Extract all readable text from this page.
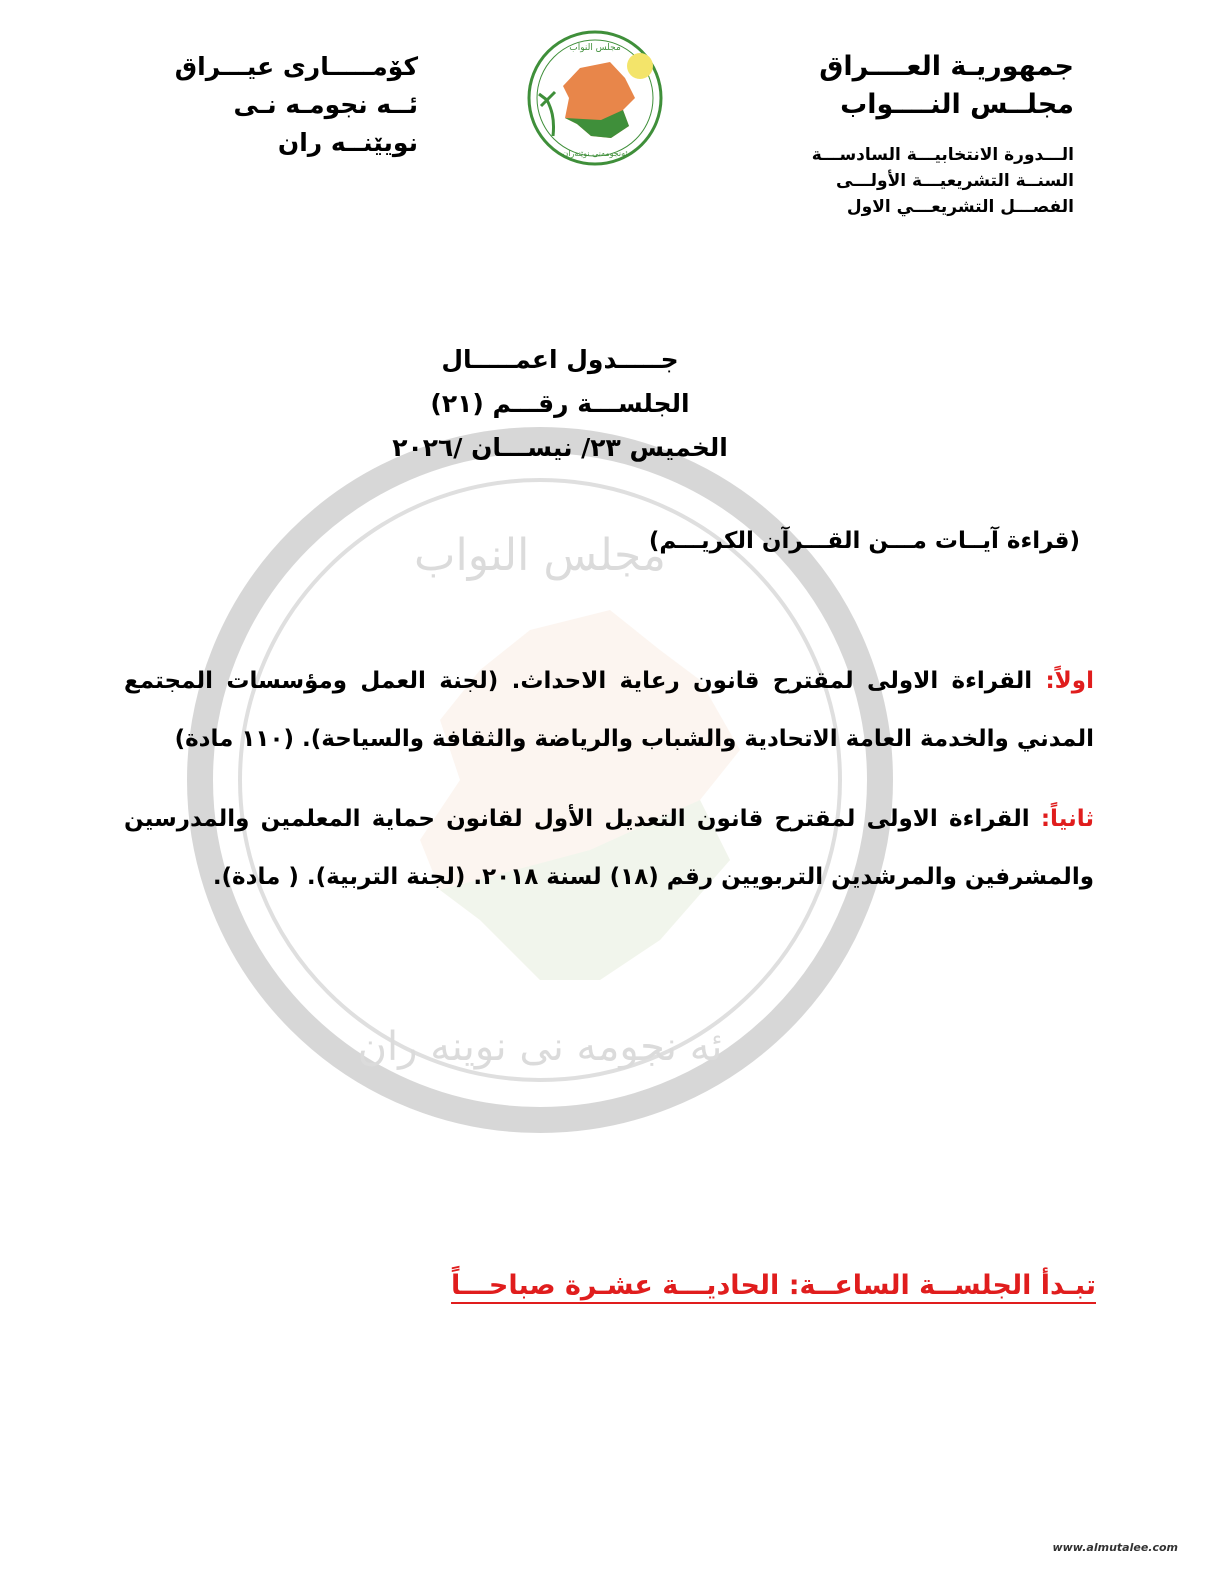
مجلس النواب
ئه نجومه نی نوینه ران
جمهوريـة العــــراق
مجلــس النــــواب
الـــدورة الانتخابيـــة السادســـة
السنــة التشريعيـــة الأولـــى
الفصـــل التشريعـــي الاول
كۆمـــــارى عيـــراق
ئــه نجومـه نـى نويێنــه ران
مجلس النواب
ئەنجومەنی نوێنەران
جـــــدول اعمـــــال
الجلســـة رقـــم (٢١)
الخميس ٢٣/ نيســـان /٢٠٢٦
(قراءة آيــات مـــن القـــرآن الكريـــم)
اولاً: القراءة الاولى لمقترح قانون رعاية الاحداث. (لجنة العمل ومؤسسات المجتمع المدني والخدمة العامة الاتحادية والشباب والرياضة والثقافة والسياحة). (١١٠ مادة)
ثانياً: القراءة الاولى لمقترح قانون التعديل الأول لقانون حماية المعلمين والمدرسين والمشرفين والمرشدين التربويين رقم (١٨) لسنة ٢٠١٨. (لجنة التربية). ( مادة).
تبـدأ الجلســة الساعــة: الحاديـــة عشـرة صباحـــاً
www.almutalee.com
